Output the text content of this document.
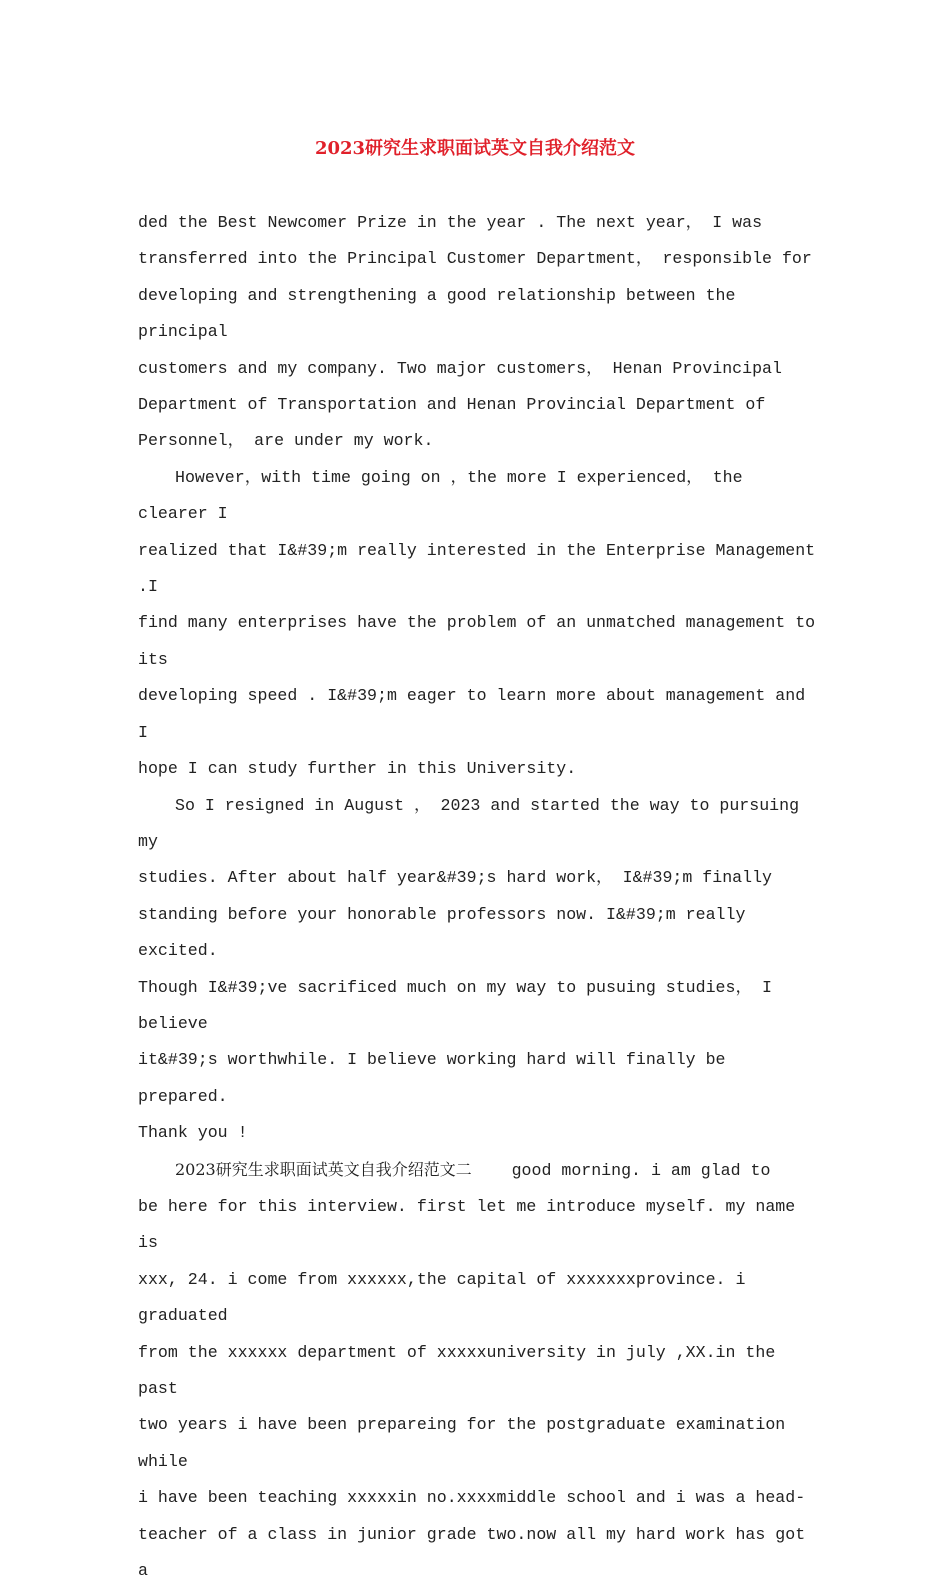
2023研究生求职面试英文自我介绍范文

ded the Best Newcomer Prize in the year . The next year， I was
transferred into the Principal Customer Department， responsible for
developing and strengthening a good relationship between the principal
customers and my company. Two major customers， Henan Provincipal
Department of Transportation and Henan Provincial Department of
Personnel， are under my work.

However，with time going on ，the more I experienced， the clearer I
realized that I&#39;m really interested in the Enterprise Management .I
find many enterprises have the problem of an unmatched management to its
developing speed . I&#39;m eager to learn more about management and I
hope I can study further in this University.

So I resigned in August ， 2023 and started the way to pursuing my
studies. After about half year&#39;s hard work， I&#39;m finally
standing before your honorable professors now. I&#39;m really excited.
Though I&#39;ve sacrificed much on my way to pusuing studies， I believe
it&#39;s worthwhile. I believe working hard will finally be prepared.
Thank you !

2023研究生求职面试英文自我介绍范文二    good morning. i am glad to
be here for this interview. first let me introduce myself. my name is
xxx, 24. i come from xxxxxx,the capital of xxxxxxxprovince. i graduated
from the xxxxxx department of xxxxxuniversity in july ,XX.in the past
two years i have been prepareing for the postgraduate examination while
i have been teaching xxxxxin no.xxxxmiddle school and i was a head-
teacher of a class in junior grade two.now all my hard work has got a
